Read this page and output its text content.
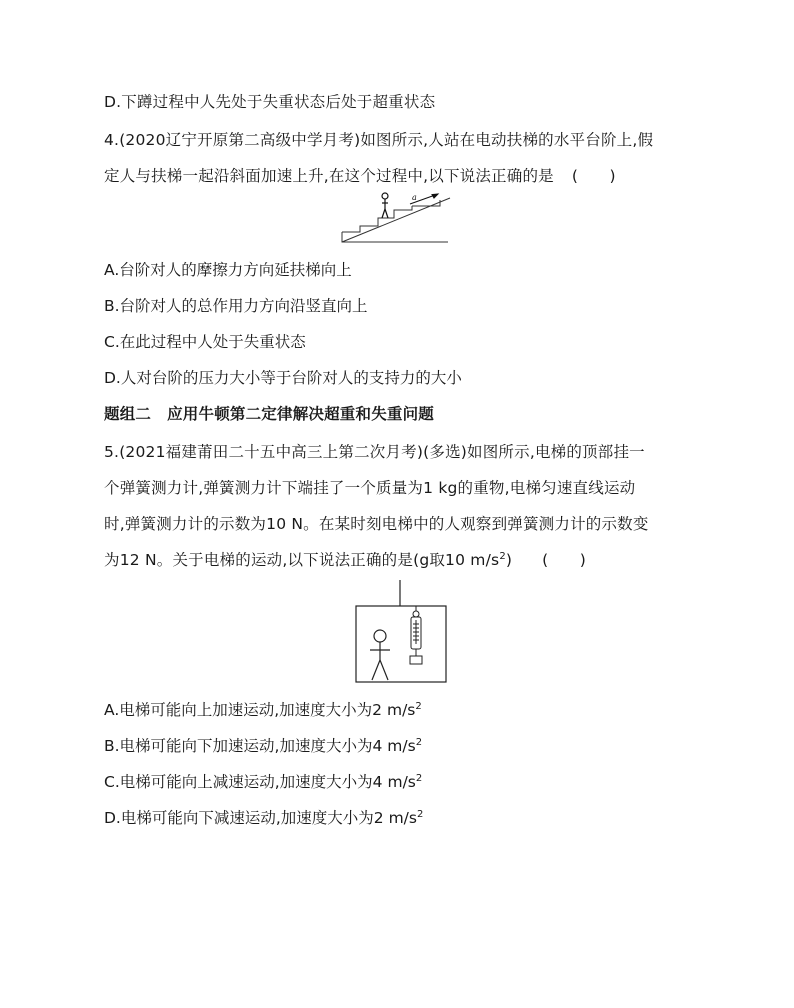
D.下蹲过程中人先处于失重状态后处于超重状态
4.(2020辽宁开原第二高级中学月考)如图所示,人站在电动扶梯的水平台阶上,假
定人与扶梯一起沿斜面加速上升,在这个过程中,以下说法正确的是 (　　)
a
A.台阶对人的摩擦力方向延扶梯向上
B.台阶对人的总作用力方向沿竖直向上
C.在此过程中人处于失重状态
D.人对台阶的压力大小等于台阶对人的支持力的大小
题组二 应用牛顿第二定律解决超重和失重问题
5.(2021福建莆田二十五中高三上第二次月考)(多选)如图所示,电梯的顶部挂一
个弹簧测力计,弹簧测力计下端挂了一个质量为1 kg的重物,电梯匀速直线运动
时,弹簧测力计的示数为10 N。在某时刻电梯中的人观察到弹簧测力计的示数变
为12 N。关于电梯的运动,以下说法正确的是(g取10 $m/s^2$) (　　)
A.电梯可能向上加速运动,加速度大小为2 $m/s^2$
B.电梯可能向下加速运动,加速度大小为4 $m/s^2$
C.电梯可能向上减速运动,加速度大小为4 $m/s^2$
D.电梯可能向下减速运动,加速度大小为2 $m/s^2$
